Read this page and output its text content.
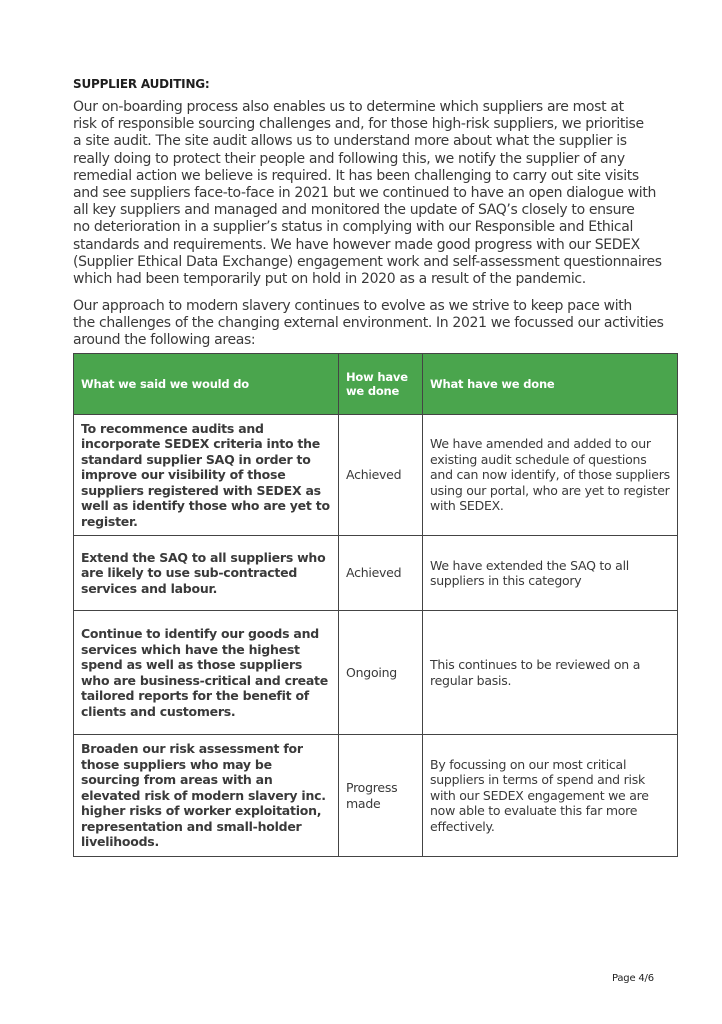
SUPPLIER AUDITING:

Our on-boarding process also enables us to determine which suppliers are most at
risk of responsible sourcing challenges and, for those high-risk suppliers, we prioritise
a site audit. The site audit allows us to understand more about what the supplier is
really doing to protect their people and following this, we notify the supplier of any
remedial action we believe is required. It has been challenging to carry out site visits
and see suppliers face-to-face in 2021 but we continued to have an open dialogue with
all key suppliers and managed and monitored the update of SAQ’s closely to ensure
no deterioration in a supplier’s status in complying with our Responsible and Ethical
standards and requirements. We have however made good progress with our SEDEX
(Supplier Ethical Data Exchange) engagement work and self-assessment questionnaires
which had been temporarily put on hold in 2020 as a result of the pandemic.

Our approach to modern slavery continues to evolve as we strive to keep pace with
the challenges of the changing external environment. In 2021 we focussed our activities
around the following areas:

What we said we would do	How have we done	What have we done
To recommence audits and incorporate SEDEX criteria into the standard supplier SAQ in order to improve our visibility of those suppliers registered with SEDEX as well as identify those who are yet to register.	Achieved	We have amended and added to our existing audit schedule of questions and can now identify, of those suppliers using our portal, who are yet to register with SEDEX.
Extend the SAQ to all suppliers who are likely to use sub-contracted services and labour.	Achieved	We have extended the SAQ to all suppliers in this category
Continue to identify our goods and services which have the highest spend as well as those suppliers who are business-critical and create tailored reports for the benefit of clients and customers.	Ongoing	This continues to be reviewed on a regular basis.
Broaden our risk assessment for those suppliers who may be sourcing from areas with an elevated risk of modern slavery inc. higher risks of worker exploitation, representation and small-holder livelihoods.	Progress made	By focussing on our most critical suppliers in terms of spend and risk with our SEDEX engagement we are now able to evaluate this far more effectively.
Page 4/6
